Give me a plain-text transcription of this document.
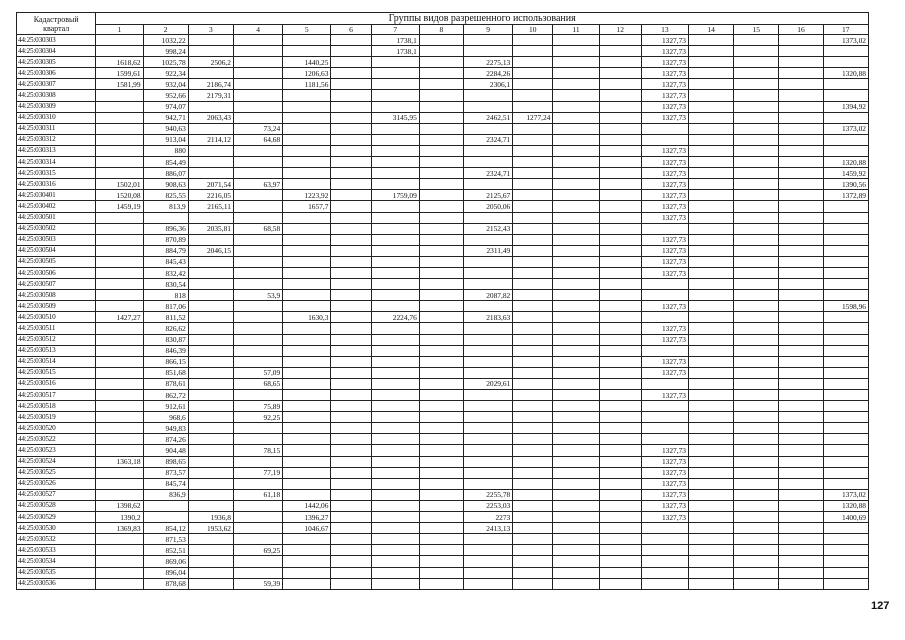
Кадастровый
квартал	Группы видов разрешенного использования																
	1	2	3	4	5	6	7	8	9	10	11	12	13	14	15	16	17
44:25:030303		1032,22					1738,1						1327,73				1373,02
44:25:030304		998,24					1738,1						1327,73				
44:25:030305	1618,62	1025,78	2506,2		1440,25				2275,13				1327,73				
44:25:030306	1599,61	922,34			1206,63				2284,26				1327,73				1320,88
44:25:030307	1581,99	932,04	2186,74		1181,56				2306,1				1327,73				
44:25:030308		952,66	2179,31										1327,73				
44:25:030309		974,07											1327,73				1394,92
44:25:030310		942,71	2063,43				3145,95		2462,51	1277,24			1327,73				
44:25:030311		940,63		73,24													1373,02
44:25:030312		913,04	2114,12	64,68					2324,71								
44:25:030313		880											1327,73				
44:25:030314		854,49											1327,73				1320,88
44:25:030315		886,07							2324,71				1327,73				1459,92
44:25:030316	1502,01	908,63	2071,54	63,97									1327,73				1390,56
44:25:030401	1520,08	825,55	2216,05		1223,92		1759,09		2125,67				1327,73				1372,89
44:25:030402	1459,19	813,9	2165,11		1657,7				2050,06				1327,73				
44:25:030501													1327,73				
44:25:030502		896,36	2035,81	68,58					2152,43								
44:25:030503		870,89											1327,73				
44:25:030504		884,79	2046,15						2311,49				1327,73				
44:25:030505		845,43											1327,73				
44:25:030506		832,42											1327,73				
44:25:030507		830,54															
44:25:030508		818		53,9					2087,82								
44:25:030509		817,06											1327,73				1598,96
44:25:030510	1427,27	811,52			1630,3		2224,76		2183,63								
44:25:030511		826,62											1327,73				
44:25:030512		830,87											1327,73				
44:25:030513		846,39															
44:25:030514		866,15											1327,73				
44:25:030515		851,68		57,09									1327,73				
44:25:030516		878,61		68,65					2029,61								
44:25:030517		862,72											1327,73				
44:25:030518		912,61		75,89													
44:25:030519		968,6		92,25													
44:25:030520		949,83															
44:25:030522		874,26															
44:25:030523		904,48		78,15									1327,73				
44:25:030524	1363,18	898,65											1327,73				
44:25:030525		873,57		77,19									1327,73				
44:25:030526		845,74											1327,73				
44:25:030527		836,9		61,18					2255,78				1327,73				1373,02
44:25:030528	1398,62				1442,06				2253,03				1327,73				1320,88
44:25:030529	1390,2		1936,8		1396,27				2273				1327,73				1400,69
44:25:030530	1369,83	854,12	1953,62		1046,67				2413,13								
44:25:030532		871,53															
44:25:030533		852,51		69,25													
44:25:030534		869,06															
44:25:030535		896,04															
44:25:030536		878,68		59,39													
127
